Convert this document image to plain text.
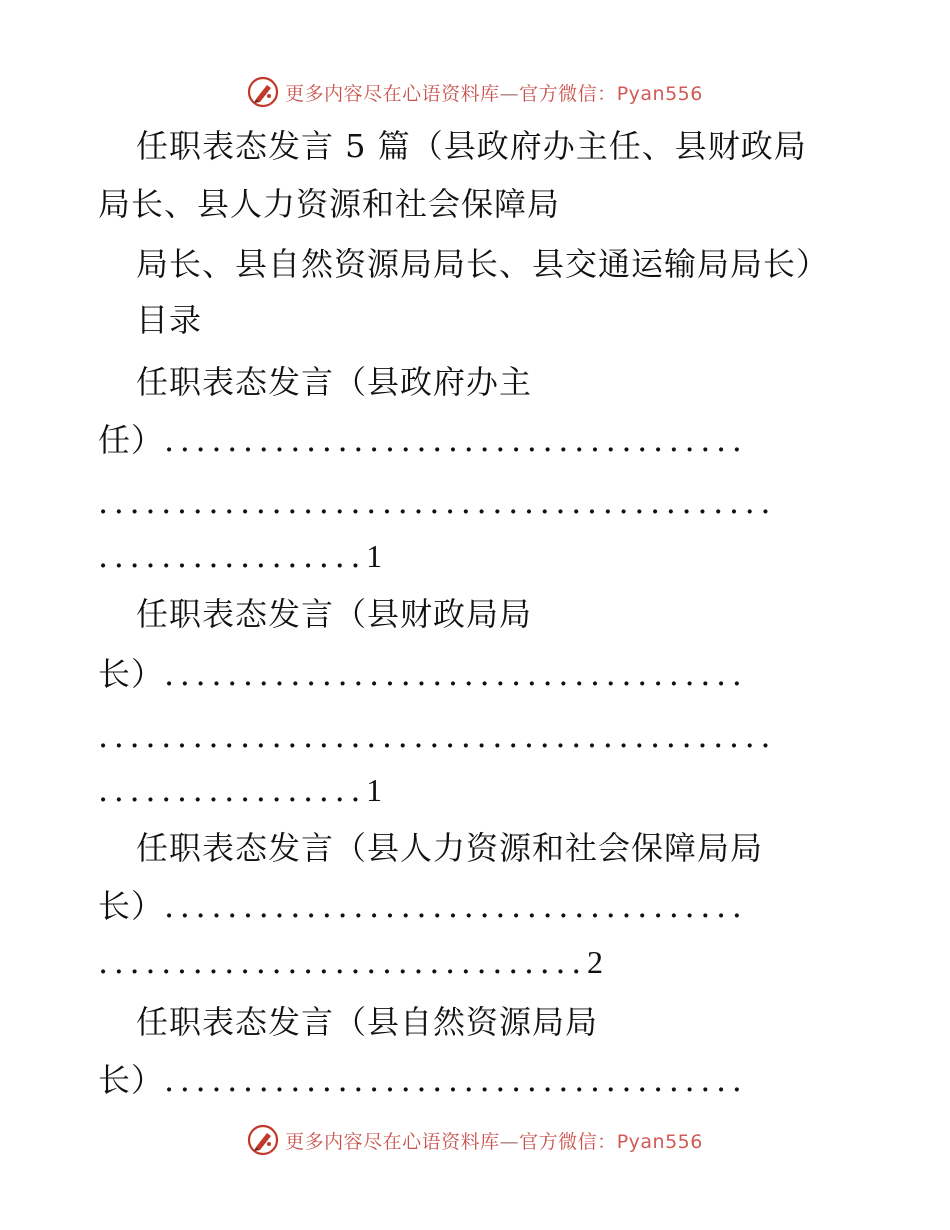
更多内容尽在心语资料库—官方微信：Pyan556
任职表态发言 5 篇（县政府办主任、县财政局
局长、县人力资源和社会保障局
局长、县自然资源局局长、县交通运输局局长）
目录
任职表态发言（县政府办主
任）.....................................
...........................................
.................1
任职表态发言（县财政局局
长）.....................................
...........................................
.................1
任职表态发言（县人力资源和社会保障局局
长）.....................................
...............................2
任职表态发言（县自然资源局局
长）.....................................
更多内容尽在心语资料库—官方微信：Pyan556
